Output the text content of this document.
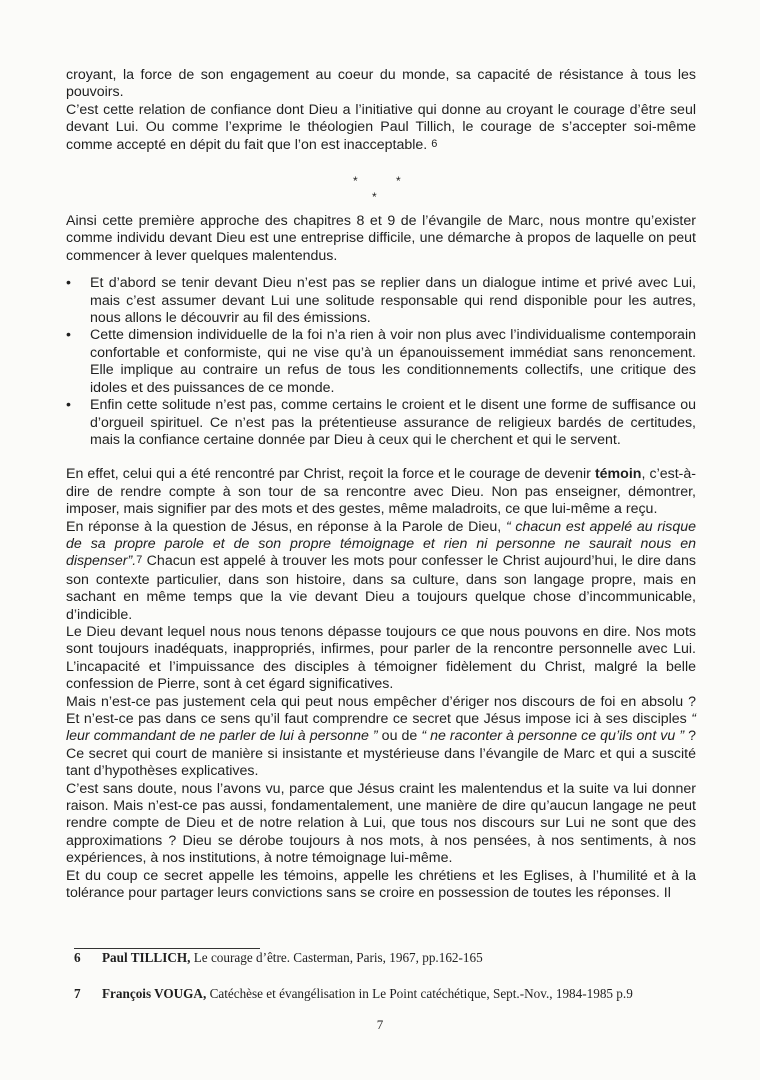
croyant, la force de son engagement au coeur du monde, sa capacité de résistance à tous les pouvoirs.
C’est cette relation de confiance dont Dieu a l’initiative qui donne au croyant le courage d’être seul devant Lui. Ou comme l’exprime le théologien Paul Tillich, le courage de s’accepter soi-même comme accepté en dépit du fait que l’on est inacceptable. $^6$

*	*
*

Ainsi cette première approche des chapitres 8 et 9 de l’évangile de Marc, nous montre qu’exister comme individu devant Dieu est une entreprise difficile, une démarche à propos de laquelle on peut commencer à lever quelques malentendus.

• Et d’abord se tenir devant Dieu n’est pas se replier dans un dialogue intime et privé avec Lui, mais c’est assumer devant Lui une solitude responsable qui rend disponible pour les autres, nous allons le découvrir au fil des émissions.
• Cette dimension individuelle de la foi n’a rien à voir non plus avec l’individualisme contemporain confortable et conformiste, qui ne vise qu’à un épanouissement immédiat sans renoncement. Elle implique au contraire un refus de tous les conditionnements collectifs, une critique des idoles et des puissances de ce monde.
• Enfin cette solitude n’est pas, comme certains le croient et le disent une forme de suffisance ou d’orgueil spirituel. Ce n’est pas la prétentieuse assurance de religieux bardés de certitudes, mais la confiance certaine donnée par Dieu à ceux qui le cherchent et qui le servent.

En effet, celui qui a été rencontré par Christ, reçoit la force et le courage de devenir témoin, c’est-à-dire de rendre compte à son tour de sa rencontre avec Dieu. Non pas enseigner, démontrer, imposer, mais signifier par des mots et des gestes, même maladroits, ce que lui-même a reçu.

En réponse à la question de Jésus, en réponse à la Parole de Dieu, “ chacun est appelé au risque de sa propre parole et de son propre témoignage et rien ni personne ne saurait nous en dispenser”.$^7$ Chacun est appelé à trouver les mots pour confesser le Christ aujourd’hui, le dire dans son contexte particulier, dans son histoire, dans sa culture, dans son langage propre, mais en sachant en même temps que la vie devant Dieu a toujours quelque chose d’incommunicable, d’indicible.

Le Dieu devant lequel nous nous tenons dépasse toujours ce que nous pouvons en dire. Nos mots sont toujours inadéquats, inappropriés, infirmes, pour parler de la rencontre personnelle avec Lui. L’incapacité et l’impuissance des disciples à témoigner fidèlement du Christ, malgré la belle confession de Pierre, sont à cet égard significatives.

Mais n’est-ce pas justement cela qui peut nous empêcher d’ériger nos discours de foi en absolu ? Et n’est-ce pas dans ce sens qu’il faut comprendre ce secret que Jésus impose ici à ses disciples “ leur commandant de ne parler de lui à personne ” ou de “ ne raconter à personne ce qu’ils ont vu ” ? Ce secret qui court de manière si insistante et mystérieuse dans l’évangile de Marc et qui a suscité tant d’hypothèses explicatives.

C’est sans doute, nous l’avons vu, parce que Jésus craint les malentendus et la suite va lui donner raison. Mais n’est-ce pas aussi, fondamentalement, une manière de dire qu’aucun langage ne peut rendre compte de Dieu et de notre relation à Lui, que tous nos discours sur Lui ne sont que des approximations ? Dieu se dérobe toujours à nos mots, à nos pensées, à nos sentiments, à nos expériences, à nos institutions, à notre témoignage lui-même.

Et du coup ce secret appelle les témoins, appelle les chrétiens et les Eglises, à l’humilité et à la tolérance pour partager leurs convictions sans se croire en possession de toutes les réponses. Il

6 Paul TILLICH, Le courage d’être. Casterman, Paris, 1967, pp.162-165
7 François VOUGA, Catéchèse et évangélisation in Le Point catéchétique, Sept.-Nov., 1984-1985 p.9
7
